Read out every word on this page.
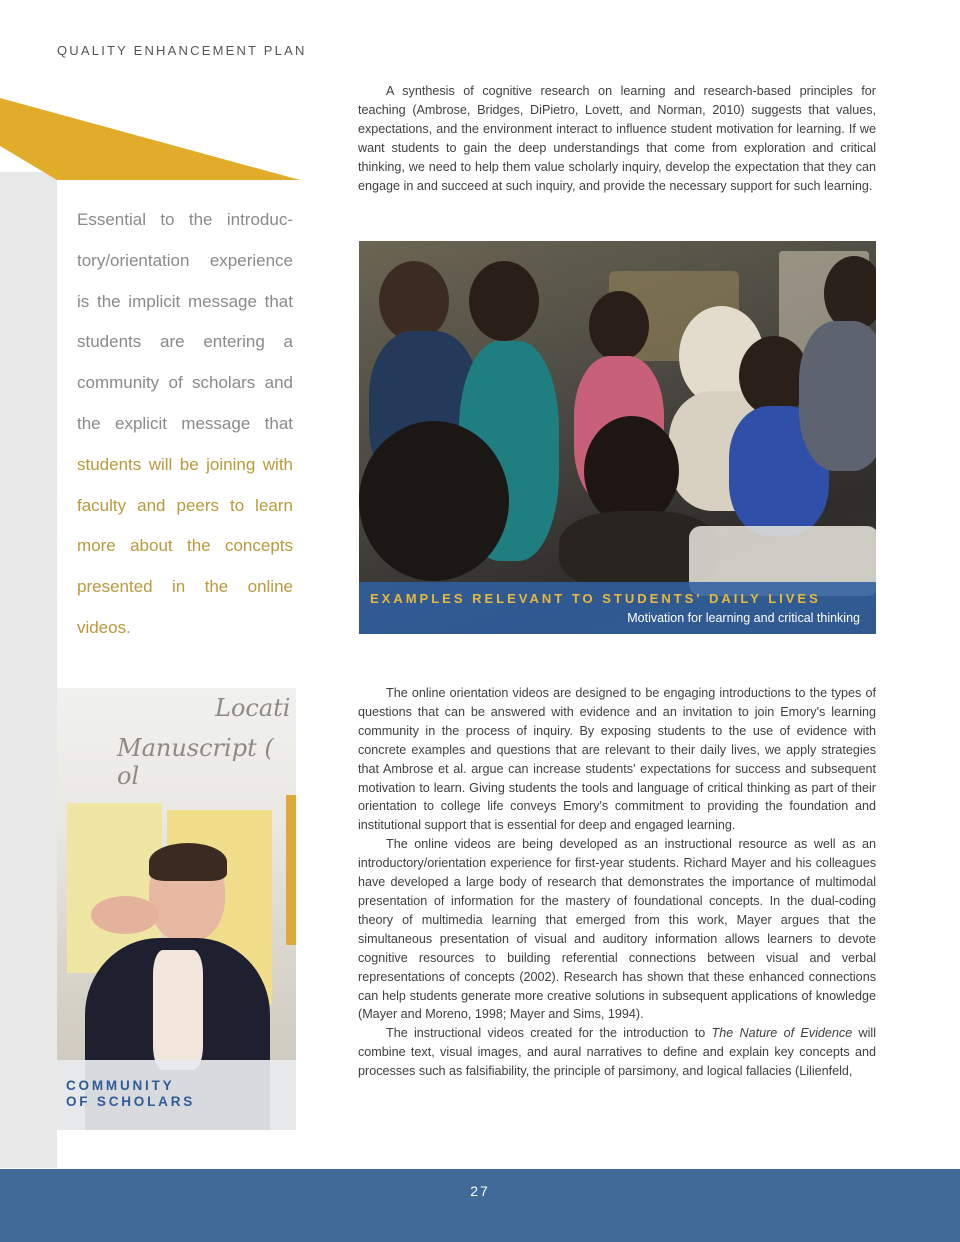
QUALITY ENHANCEMENT PLAN

A synthesis of cognitive research on learning and research-based principles for teaching (Ambrose, Bridges, DiPietro, Lovett, and Norman, 2010) suggests that values, expectations, and the environment interact to influence student motivation for learning. If we want students to gain the deep understandings that come from exploration and critical thinking, we need to help them value scholarly inquiry, develop the expectation that they can engage in and succeed at such inquiry, and provide the necessary support for such learning.

Essential to the introduc-tory/orientation experience is the implicit message that students are entering a community of scholars and the explicit message that students will be joining with faculty and peers to learn more about the concepts presented in the online videos.
EXAMPLES RELEVANT TO STUDENTS' DAILY LIVES
Motivation for learning and critical thinking

The online orientation videos are designed to be engaging introductions to the types of questions that can be answered with evidence and an invitation to join Emory's learning community in the process of inquiry. By exposing students to the use of evidence with concrete examples and questions that are relevant to their daily lives, we apply strategies that Ambrose et al. argue can increase students' expectations for success and subsequent motivation to learn. Giving students the tools and language of critical thinking as part of their orientation to college life conveys Emory's commitment to providing the foundation and institutional support that is essential for deep and engaged learning.

The online videos are being developed as an instructional resource as well as an introductory/orientation experience for first-year students. Richard Mayer and his colleagues have developed a large body of research that demonstrates the importance of multimodal presentation of information for the mastery of foundational concepts. In the dual-coding theory of multimedia learning that emerged from this work, Mayer argues that the simultaneous presentation of visual and auditory information allows learners to devote cognitive resources to building referential connections between visual and verbal representations of concepts (2002). Research has shown that these enhanced connections can help students generate more creative solutions in subsequent applications of knowledge (Mayer and Moreno, 1998; Mayer and Sims, 1994).

The instructional videos created for the introduction to The Nature of Evidence will combine text, visual images, and aural narratives to define and explain key concepts and processes such as falsifiability, the principle of parsimony, and logical fallacies (Lilienfeld,

Locati
Manuscript ( ol
COMMUNITY
OF SCHOLARS
27
